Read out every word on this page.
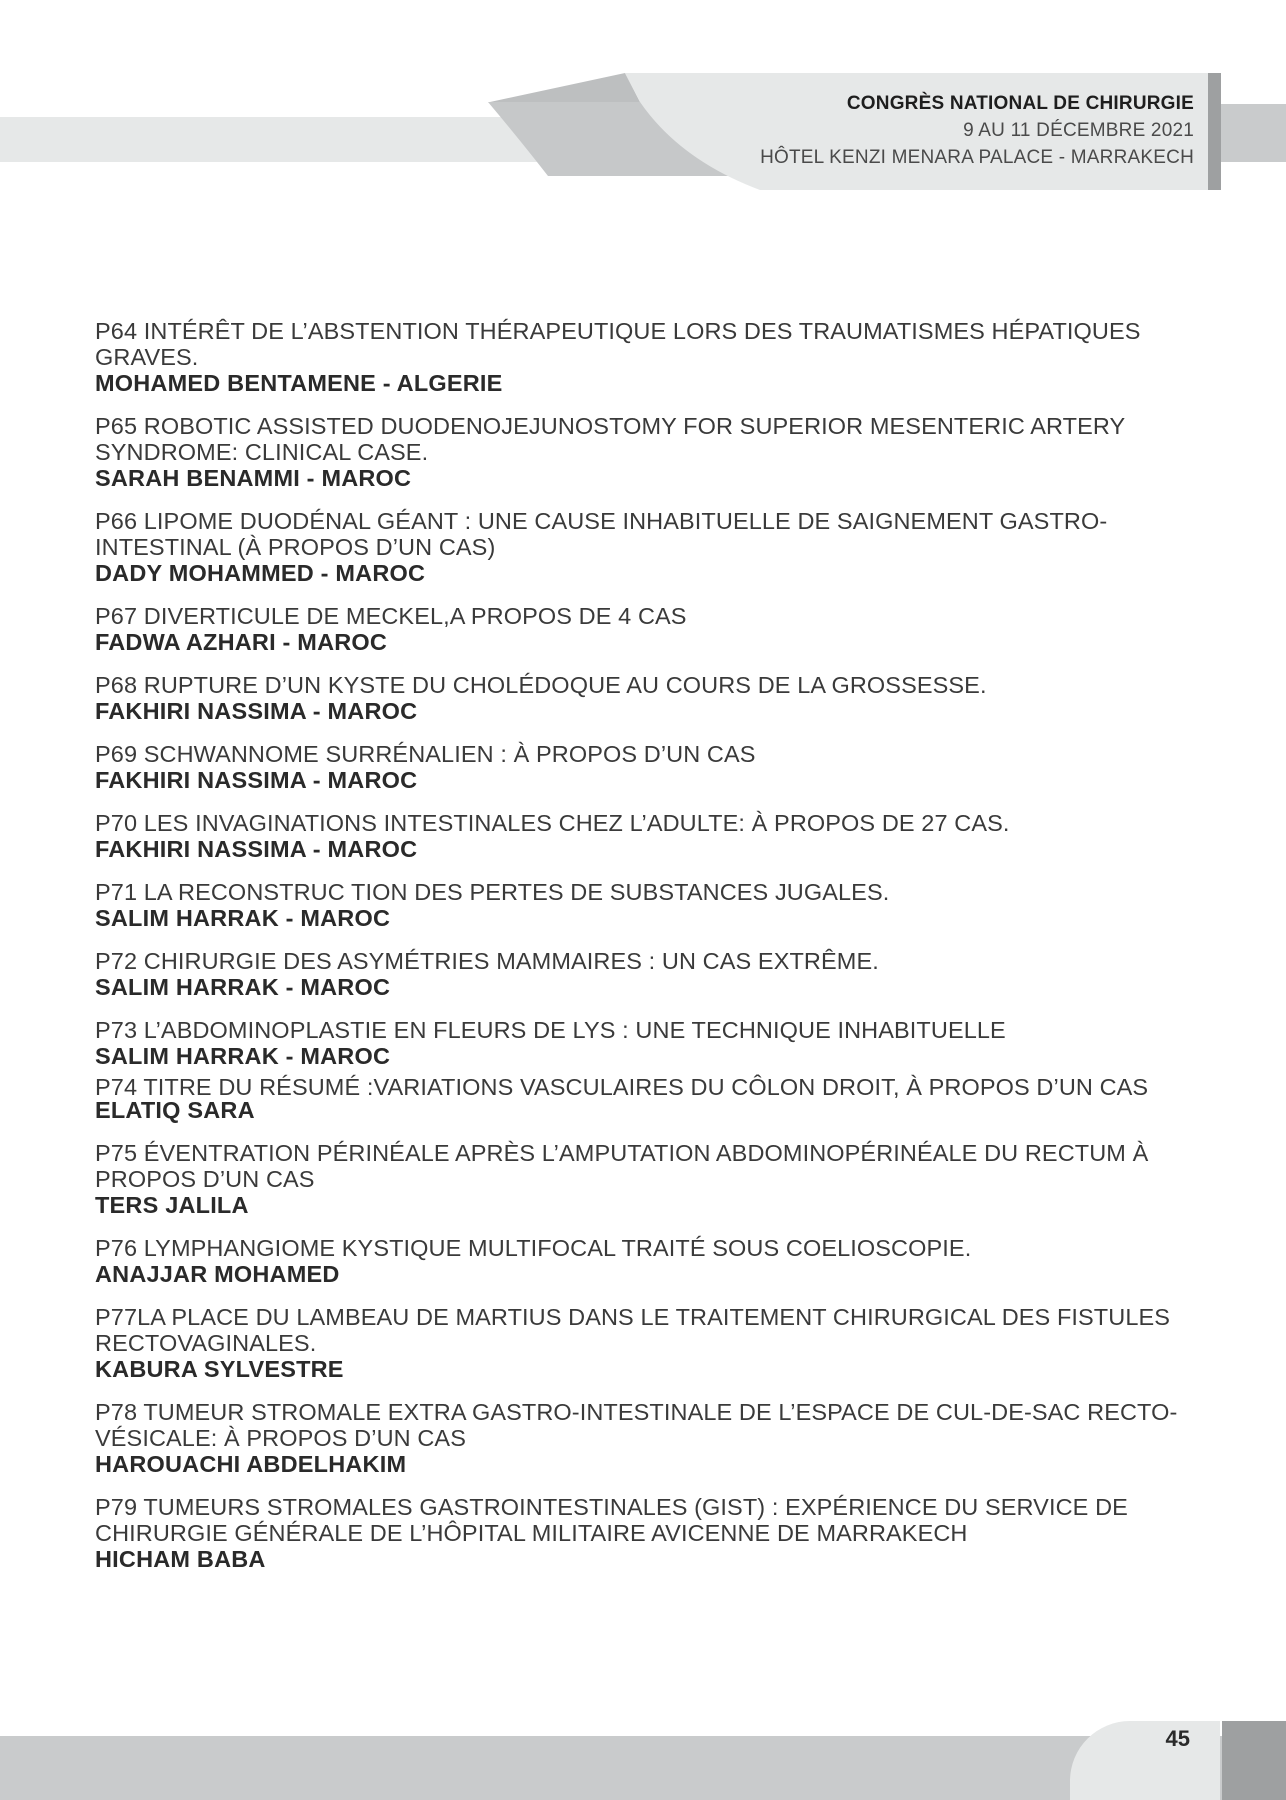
CONGRÈS NATIONAL DE CHIRURGIE
9 AU 11 DÉCEMBRE 2021
HÔTEL KENZI MENARA PALACE - MARRAKECH
P64 INTÉRÊT DE L’ABSTENTION THÉRAPEUTIQUE LORS DES TRAUMATISMES HÉPATIQUES GRAVES.
MOHAMED BENTAMENE - ALGERIE
P65 ROBOTIC ASSISTED DUODENOJEJUNOSTOMY FOR SUPERIOR MESENTERIC ARTERY SYNDROME: CLINICAL CASE.
SARAH BENAMMI - MAROC
P66 LIPOME DUODÉNAL GÉANT : UNE CAUSE INHABITUELLE DE SAIGNEMENT GASTRO-INTESTINAL (À PROPOS D’UN CAS)
DADY MOHAMMED - MAROC
P67 DIVERTICULE DE MECKEL,A PROPOS DE 4 CAS
FADWA AZHARI - MAROC
P68 RUPTURE D’UN KYSTE DU CHOLÉDOQUE AU COURS DE LA GROSSESSE.
FAKHIRI NASSIMA - MAROC
P69 SCHWANNOME SURRÉNALIEN : À PROPOS D’UN CAS
FAKHIRI NASSIMA - MAROC
P70 LES INVAGINATIONS INTESTINALES CHEZ L’ADULTE: À PROPOS DE 27 CAS.
FAKHIRI NASSIMA - MAROC
P71 LA RECONSTRUC TION DES PERTES DE SUBSTANCES JUGALES.
SALIM HARRAK - MAROC
P72 CHIRURGIE DES ASYMÉTRIES MAMMAIRES : UN CAS EXTRÊME.
SALIM HARRAK - MAROC
P73 L’ABDOMINOPLASTIE EN FLEURS DE LYS : UNE TECHNIQUE INHABITUELLE
SALIM HARRAK - MAROC
P74 TITRE DU RÉSUMÉ :VARIATIONS VASCULAIRES DU CÔLON DROIT, À PROPOS D’UN CAS
ELATIQ SARA
P75 ÉVENTRATION PÉRINÉALE APRÈS L’AMPUTATION ABDOMINOPÉRINÉALE DU RECTUM À PROPOS D’UN CAS
TERS JALILA
P76 LYMPHANGIOME KYSTIQUE MULTIFOCAL TRAITÉ SOUS COELIOSCOPIE.
ANAJJAR MOHAMED
P77LA PLACE DU LAMBEAU DE MARTIUS DANS LE TRAITEMENT CHIRURGICAL DES FISTULES RECTOVAGINALES.
KABURA SYLVESTRE
P78 TUMEUR STROMALE EXTRA GASTRO-INTESTINALE DE L’ESPACE DE CUL-DE-SAC RECTO-VÉSICALE: À PROPOS D’UN CAS
HAROUACHI ABDELHAKIM
P79 TUMEURS STROMALES GASTROINTESTINALES (GIST) : EXPÉRIENCE DU SERVICE DE CHIRURGIE GÉNÉRALE DE L’HÔPITAL MILITAIRE AVICENNE DE MARRAKECH
HICHAM BABA
45
